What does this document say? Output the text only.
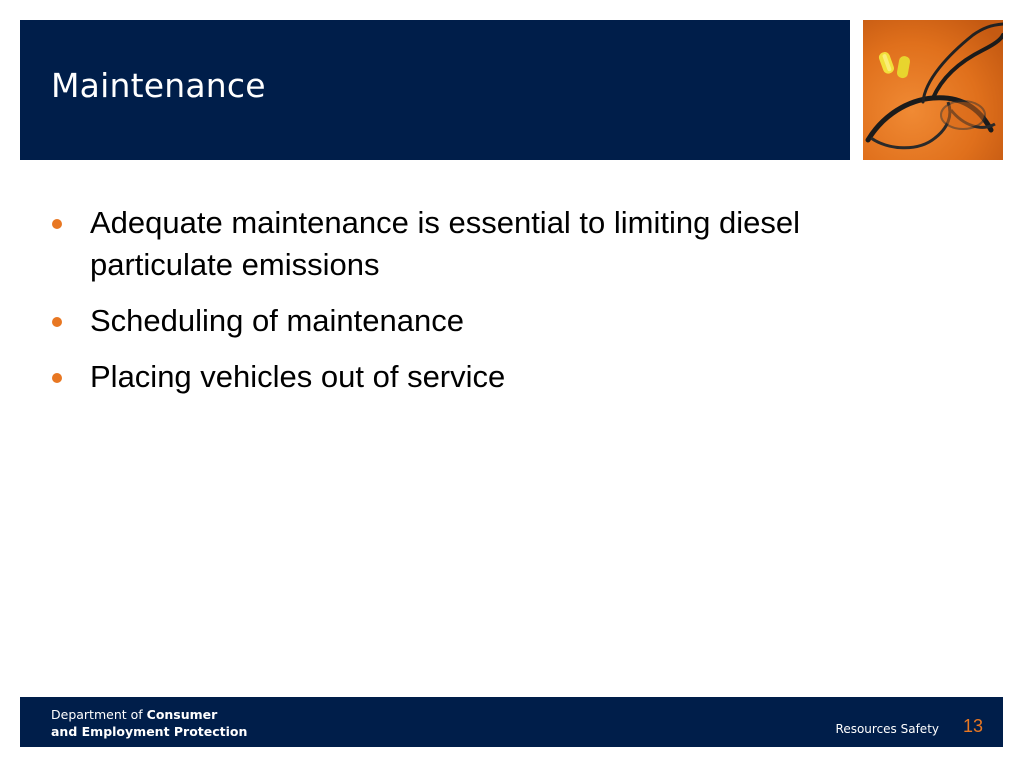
Maintenance
Adequate maintenance is essential to limiting diesel particulate emissions
Scheduling of maintenance
Placing vehicles out of service
Department of Consumer
and Employment Protection	Resources Safety 13
